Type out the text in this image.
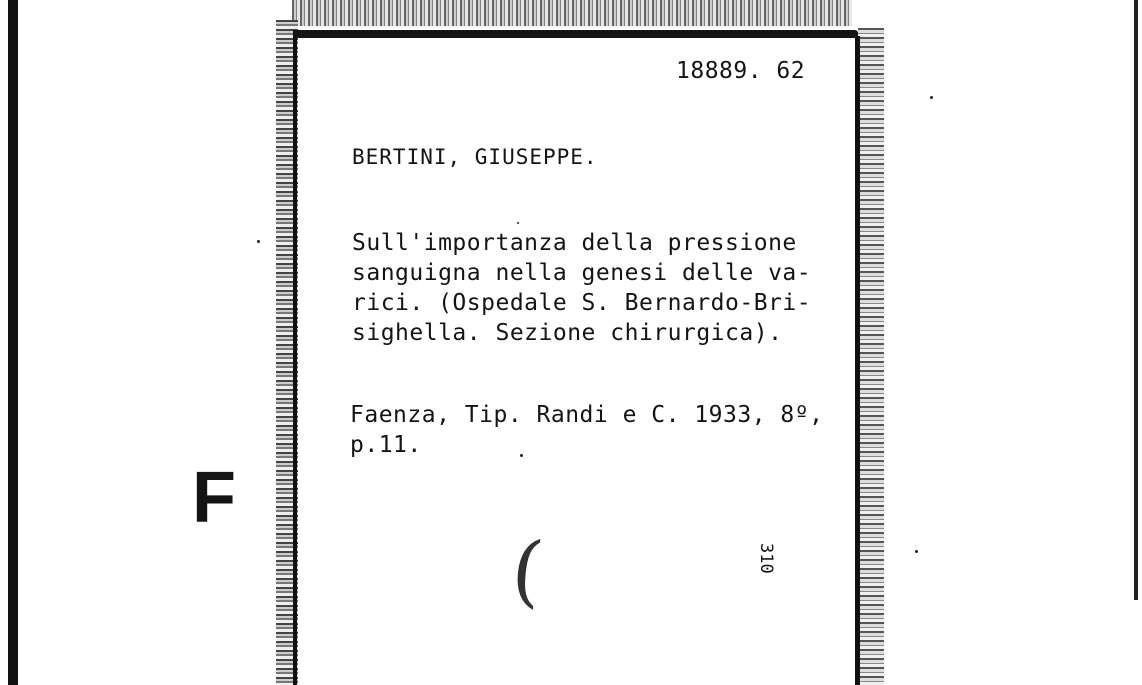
18889. 62
BERTINI, GIUSEPPE.
Sull'importanza della pressione
sanguigna nella genesi delle va-
rici. (Ospedale S. Bernardo-Bri-
sighella. Sezione chirurgica).
Faenza, Tip. Randi e C. 1933, 8º,
p.11.
310
F
(
